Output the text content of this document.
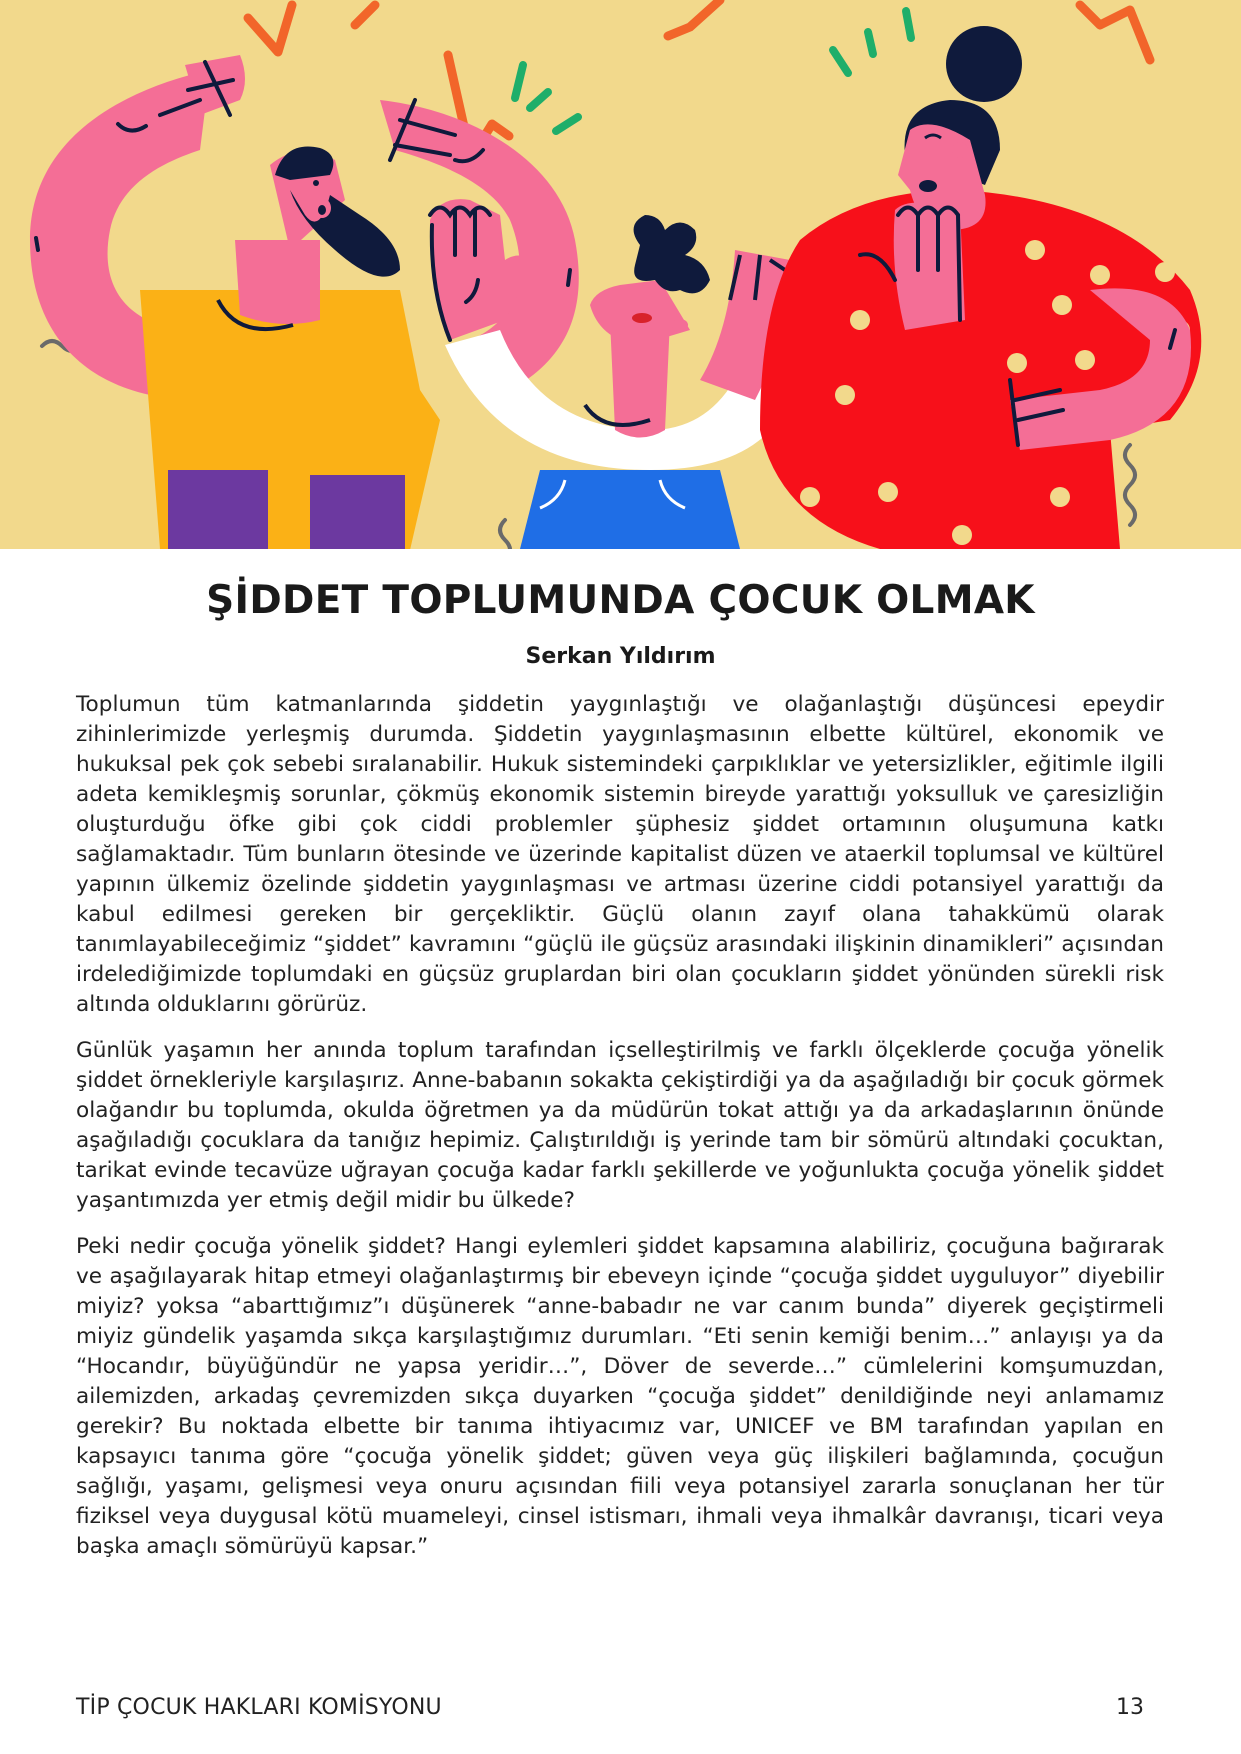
ŞİDDET TOPLUMUNDA ÇOCUK OLMAK
Serkan Yıldırım

Toplumun tüm katmanlarında şiddetin yaygınlaştığı ve olağanlaştığı düşüncesi epeydir zihinlerimizde yerleşmiş durumda. Şiddetin yaygınlaşmasının elbette kültürel, ekonomik ve hukuksal pek çok sebebi sıralanabilir. Hukuk sistemindeki çarpıklıklar ve yetersizlikler, eğitimle ilgili adeta kemikleşmiş sorunlar, çökmüş ekonomik sistemin bireyde yarattığı yoksulluk ve çaresizliğin oluşturduğu öfke gibi çok ciddi problemler şüphesiz şiddet ortamının oluşumuna katkı sağlamaktadır. Tüm bunların ötesinde ve üzerinde kapitalist düzen ve ataerkil toplumsal ve kültürel yapının ülkemiz özelinde şiddetin yaygınlaşması ve artması üzerine ciddi potansiyel yarattığı da kabul edilmesi gereken bir gerçekliktir. Güçlü olanın zayıf olana tahakkümü olarak tanımlayabileceğimiz “şiddet” kavramını “güçlü ile güçsüz arasındaki ilişkinin dinamikleri” açısından irdelediğimizde toplumdaki en güçsüz gruplardan biri olan çocukların şiddet yönünden sürekli risk altında olduklarını görürüz.

Günlük yaşamın her anında toplum tarafından içselleştirilmiş ve farklı ölçeklerde çocuğa yönelik şiddet örnekleriyle karşılaşırız. Anne-babanın sokakta çekiştirdiği ya da aşağıladığı bir çocuk görmek olağandır bu toplumda, okulda öğretmen ya da müdürün tokat attığı ya da arkadaşlarının önünde aşağıladığı çocuklara da tanığız hepimiz. Çalıştırıldığı iş yerinde tam bir sömürü altındaki çocuktan, tarikat evinde tecavüze uğrayan çocuğa kadar farklı şekillerde ve yoğunlukta çocuğa yönelik şiddet yaşantımızda yer etmiş değil midir bu ülkede?

Peki nedir çocuğa yönelik şiddet? Hangi eylemleri şiddet kapsamına alabiliriz, çocuğuna bağırarak ve aşağılayarak hitap etmeyi olağanlaştırmış bir ebeveyn içinde “çocuğa şiddet uyguluyor” diyebilir miyiz? yoksa “abarttığımız”ı düşünerek “anne-babadır ne var canım bunda” diyerek geçiştirmeli miyiz gündelik yaşamda sıkça karşılaştığımız durumları. “Eti senin kemiği benim…” anlayışı ya da “Hocandır, büyüğündür ne yapsa yeridir…”, Döver de severde…” cümlelerini komşumuzdan, ailemizden, arkadaş çevremizden sıkça duyarken “çocuğa şiddet” denildiğinde neyi anlamamız gerekir? Bu noktada elbette bir tanıma ihtiyacımız var, UNICEF ve BM tarafından yapılan en kapsayıcı tanıma göre “çocuğa yönelik şiddet; güven veya güç ilişkileri bağlamında, çocuğun sağlığı, yaşamı, gelişmesi veya onuru açısından fiili veya potansiyel zararla sonuçlanan her tür fiziksel veya duygusal kötü muameleyi, cinsel istismarı, ihmali veya ihmalkâr davranışı, ticari veya başka amaçlı sömürüyü kapsar.”

TİP ÇOCUK HAKLARI KOMİSYONU	13
